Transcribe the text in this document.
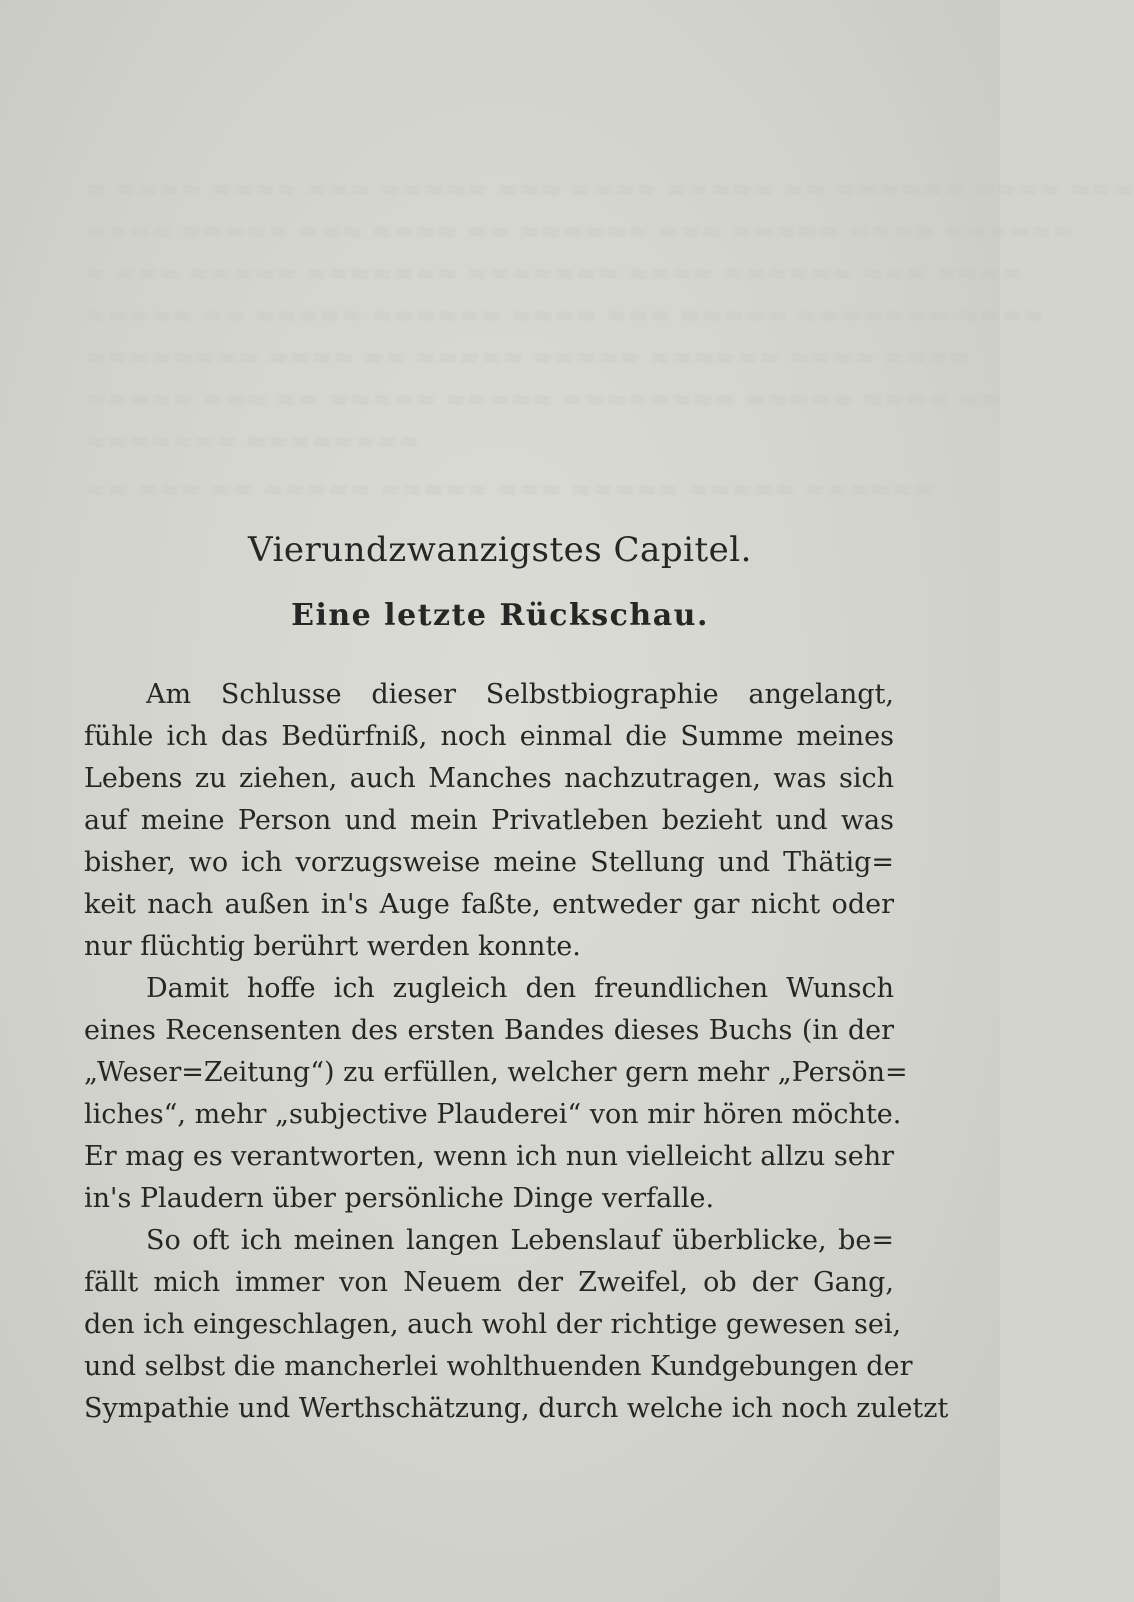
≈ ≈≈≈≈ ≈≈≈≈ ≈≈≈ ≈≈≈≈≈ ≈≈≈ ≈≈≈≈ ≈≈≈≈≈ ≈≈ ≈≈≈≈≈≈ ≈≈≈≈ ≈≈≈
≈≈≈≈ ≈≈≈≈≈ ≈≈≈ ≈≈≈≈ ≈≈ ≈≈≈≈≈≈ ≈≈≈ ≈≈≈≈≈ ≈≈≈≈ ≈≈≈≈≈≈
≈ ≈≈≈ ≈≈≈≈≈ ≈≈≈≈≈≈≈ ≈≈≈≈≈≈≈ ≈≈≈≈ ≈≈≈≈≈≈ ≈≈≈ ≈≈≈≈
≈≈≈≈≈ ≈≈ ≈≈≈≈≈ ≈≈≈≈≈≈ ≈≈≈≈ ≈≈≈ ≈≈≈≈≈ ≈≈≈≈≈≈≈ ≈≈≈≈
≈≈≈≈≈≈≈≈ ≈≈≈≈ ≈≈ ≈≈≈≈≈ ≈≈≈≈≈ ≈≈≈≈≈≈ ≈≈≈≈ ≈≈≈≈
≈≈≈≈≈ ≈≈≈ ≈≈ ≈≈≈≈≈ ≈≈≈≈≈ ≈≈≈≈≈≈≈≈ ≈≈≈≈≈ ≈≈≈≈ ≈≈
≈≈≈≈≈≈≈ ≈≈≈≈≈≈≈≈
≈≈ ≈≈≈ ≈≈ ≈≈≈≈≈ ≈≈≈≈≈ ≈≈≈ ≈≈≈≈≈ ≈≈≈≈≈ ≈≈≈≈≈≈
Vierundzwanzigstes Capitel.
Eine letzte Rückschau.
Am Schlusse dieser Selbstbiographie angelangt,
fühle ich das Bedürfniß, noch einmal die Summe meines
Lebens zu ziehen, auch Manches nachzutragen, was sich
auf meine Person und mein Privatleben bezieht und was
bisher, wo ich vorzugsweise meine Stellung und Thätig=
keit nach außen in's Auge faßte, entweder gar nicht oder
nur flüchtig berührt werden konnte.
Damit hoffe ich zugleich den freundlichen Wunsch
eines Recensenten des ersten Bandes dieses Buchs (in der
„Weser=Zeitung“) zu erfüllen, welcher gern mehr „Persön=
liches“, mehr „subjective Plauderei“ von mir hören möchte.
Er mag es verantworten, wenn ich nun vielleicht allzu sehr
in's Plaudern über persönliche Dinge verfalle.
So oft ich meinen langen Lebenslauf überblicke, be=
fällt mich immer von Neuem der Zweifel, ob der Gang,
den ich eingeschlagen, auch wohl der richtige gewesen sei,
und selbst die mancherlei wohlthuenden Kundgebungen der
Sympathie und Werthschätzung, durch welche ich noch zuletzt
